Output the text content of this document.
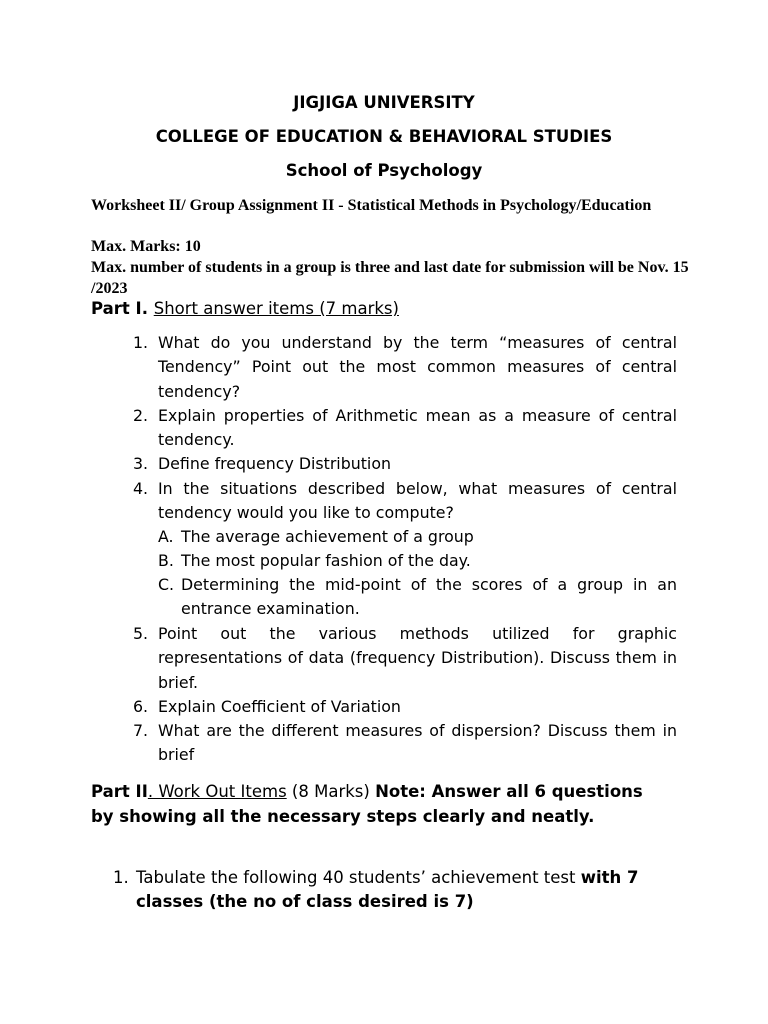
JIGJIGA UNIVERSITY
COLLEGE OF EDUCATION & BEHAVIORAL STUDIES
School of Psychology
Worksheet II/ Group Assignment II - Statistical Methods in Psychology/Education
Max. Marks: 10
Max. number of students in a group is three and last date for submission will be Nov. 15 /2023
Part I. Short answer items (7 marks)
1. What do you understand by the term “measures of central Tendency” Point out the most common measures of central tendency?
2. Explain properties of Arithmetic mean as a measure of central tendency.
3. Define frequency Distribution
4. In the situations described below, what measures of central tendency would you like to compute?
A. The average achievement of a group
B. The most popular fashion of the day.
C. Determining the mid-point of the scores of a group in an entrance examination.
5. Point out the various methods utilized for graphic representations of data (frequency Distribution). Discuss them in brief.
6. Explain Coefficient of Variation
7. What are the different measures of dispersion? Discuss them in brief
Part II. Work Out Items (8 Marks) Note: Answer all 6 questions by showing all the necessary steps clearly and neatly.
1. Tabulate the following 40 students’ achievement test with 7 classes (the no of class desired is 7)
